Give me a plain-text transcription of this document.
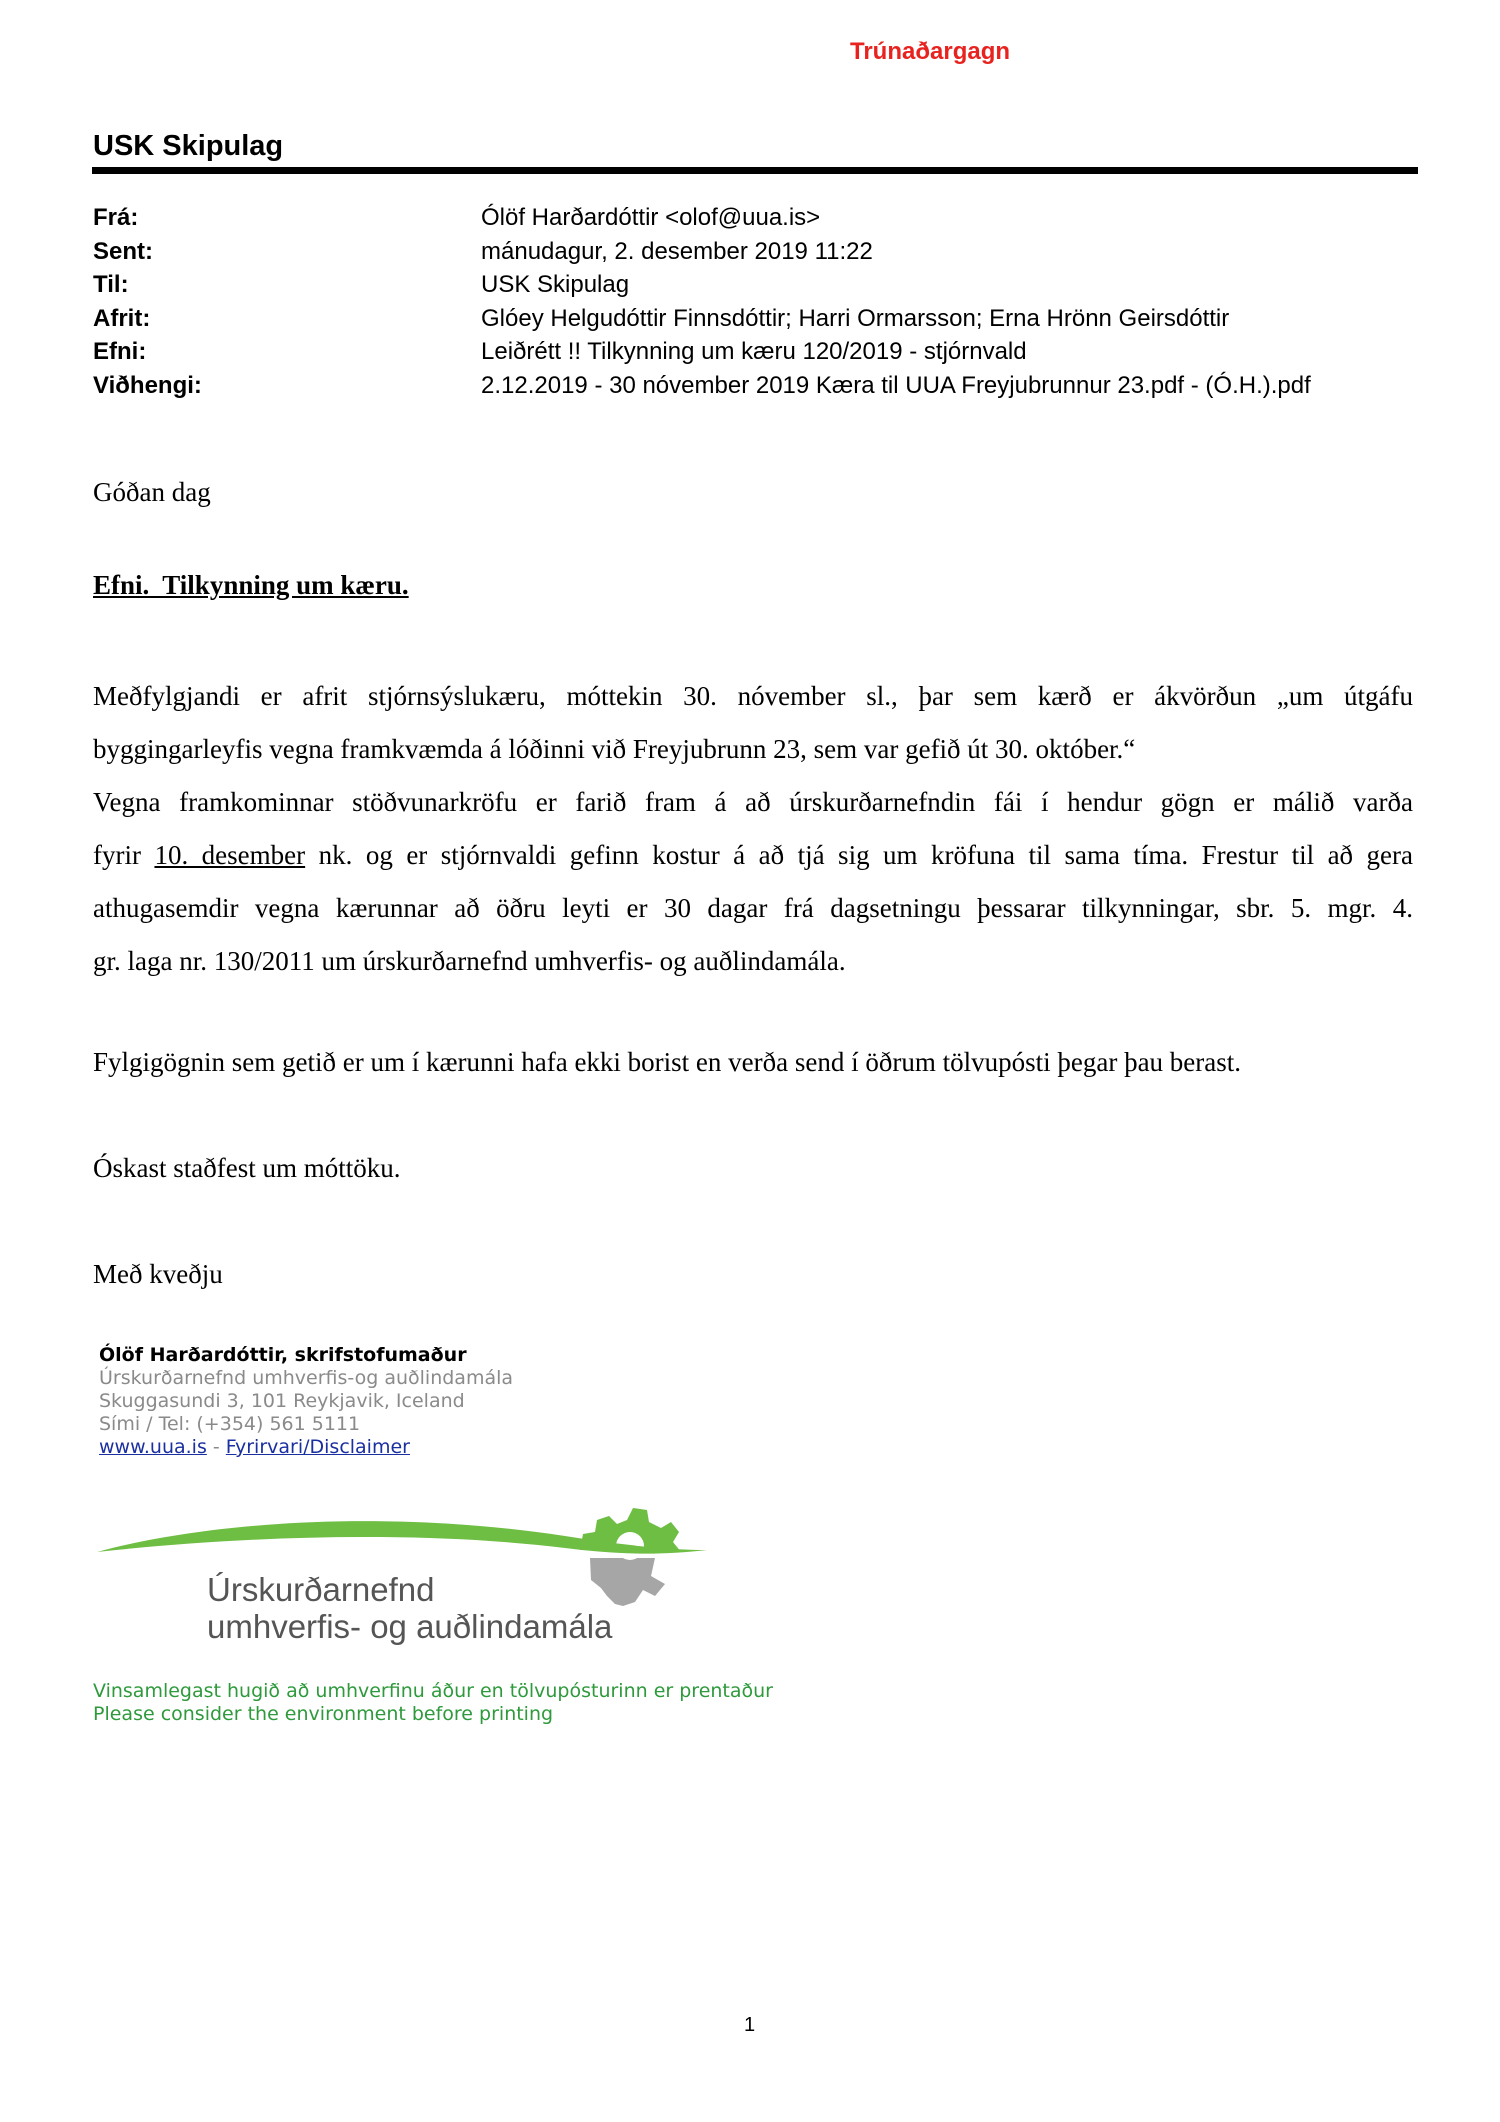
Trúnaðargagn
USK Skipulag
Frá:	Ólöf Harðardóttir <olof@uua.is>
Sent:	mánudagur, 2. desember 2019 11:22
Til:	USK Skipulag
Afrit:	Glóey Helgudóttir Finnsdóttir; Harri Ormarsson; Erna Hrönn Geirsdóttir
Efni:	Leiðrétt !! Tilkynning um kæru 120/2019 - stjórnvald
Viðhengi:	2.12.2019 - 30 nóvember 2019 Kæra til UUA Freyjubrunnur 23.pdf - (Ó.H.).pdf
Góðan dag
Efni.  Tilkynning um kæru.
Meðfylgjandi er afrit stjórnsýslukæru, móttekin 30. nóvember sl., þar sem kærð er ákvörðun „um útgáfu
byggingarleyfis vegna framkvæmda á lóðinni við Freyjubrunn 23, sem var gefið út 30. október.“
Vegna framkominnar stöðvunarkröfu er farið fram á að úrskurðarnefndin fái í hendur gögn er málið varða
fyrir 10. desember nk. og er stjórnvaldi gefinn kostur á að tjá sig um kröfuna til sama tíma. Frestur til að gera
athugasemdir vegna kærunnar að öðru leyti er 30 dagar frá dagsetningu þessarar tilkynningar, sbr. 5. mgr. 4.
gr. laga nr. 130/2011 um úrskurðarnefnd umhverfis- og auðlindamála.
Fylgigögnin sem getið er um í kærunni hafa ekki borist en verða send í öðrum tölvupósti þegar þau berast.
Óskast staðfest um móttöku.
Með kveðju
Ólöf Harðardóttir, skrifstofumaður
Úrskurðarnefnd umhverfis-og auðlindamála
Skuggasundi 3, 101 Reykjavik, Iceland
Sími / Tel: (+354) 561 5111
www.uua.is - Fyrirvari/Disclaimer
Úrskurðarnefnd
umhverfis- og auðlindamála
Vinsamlegast hugið að umhverfinu áður en tölvupósturinn er prentaður
Please consider the environment before printing
1
